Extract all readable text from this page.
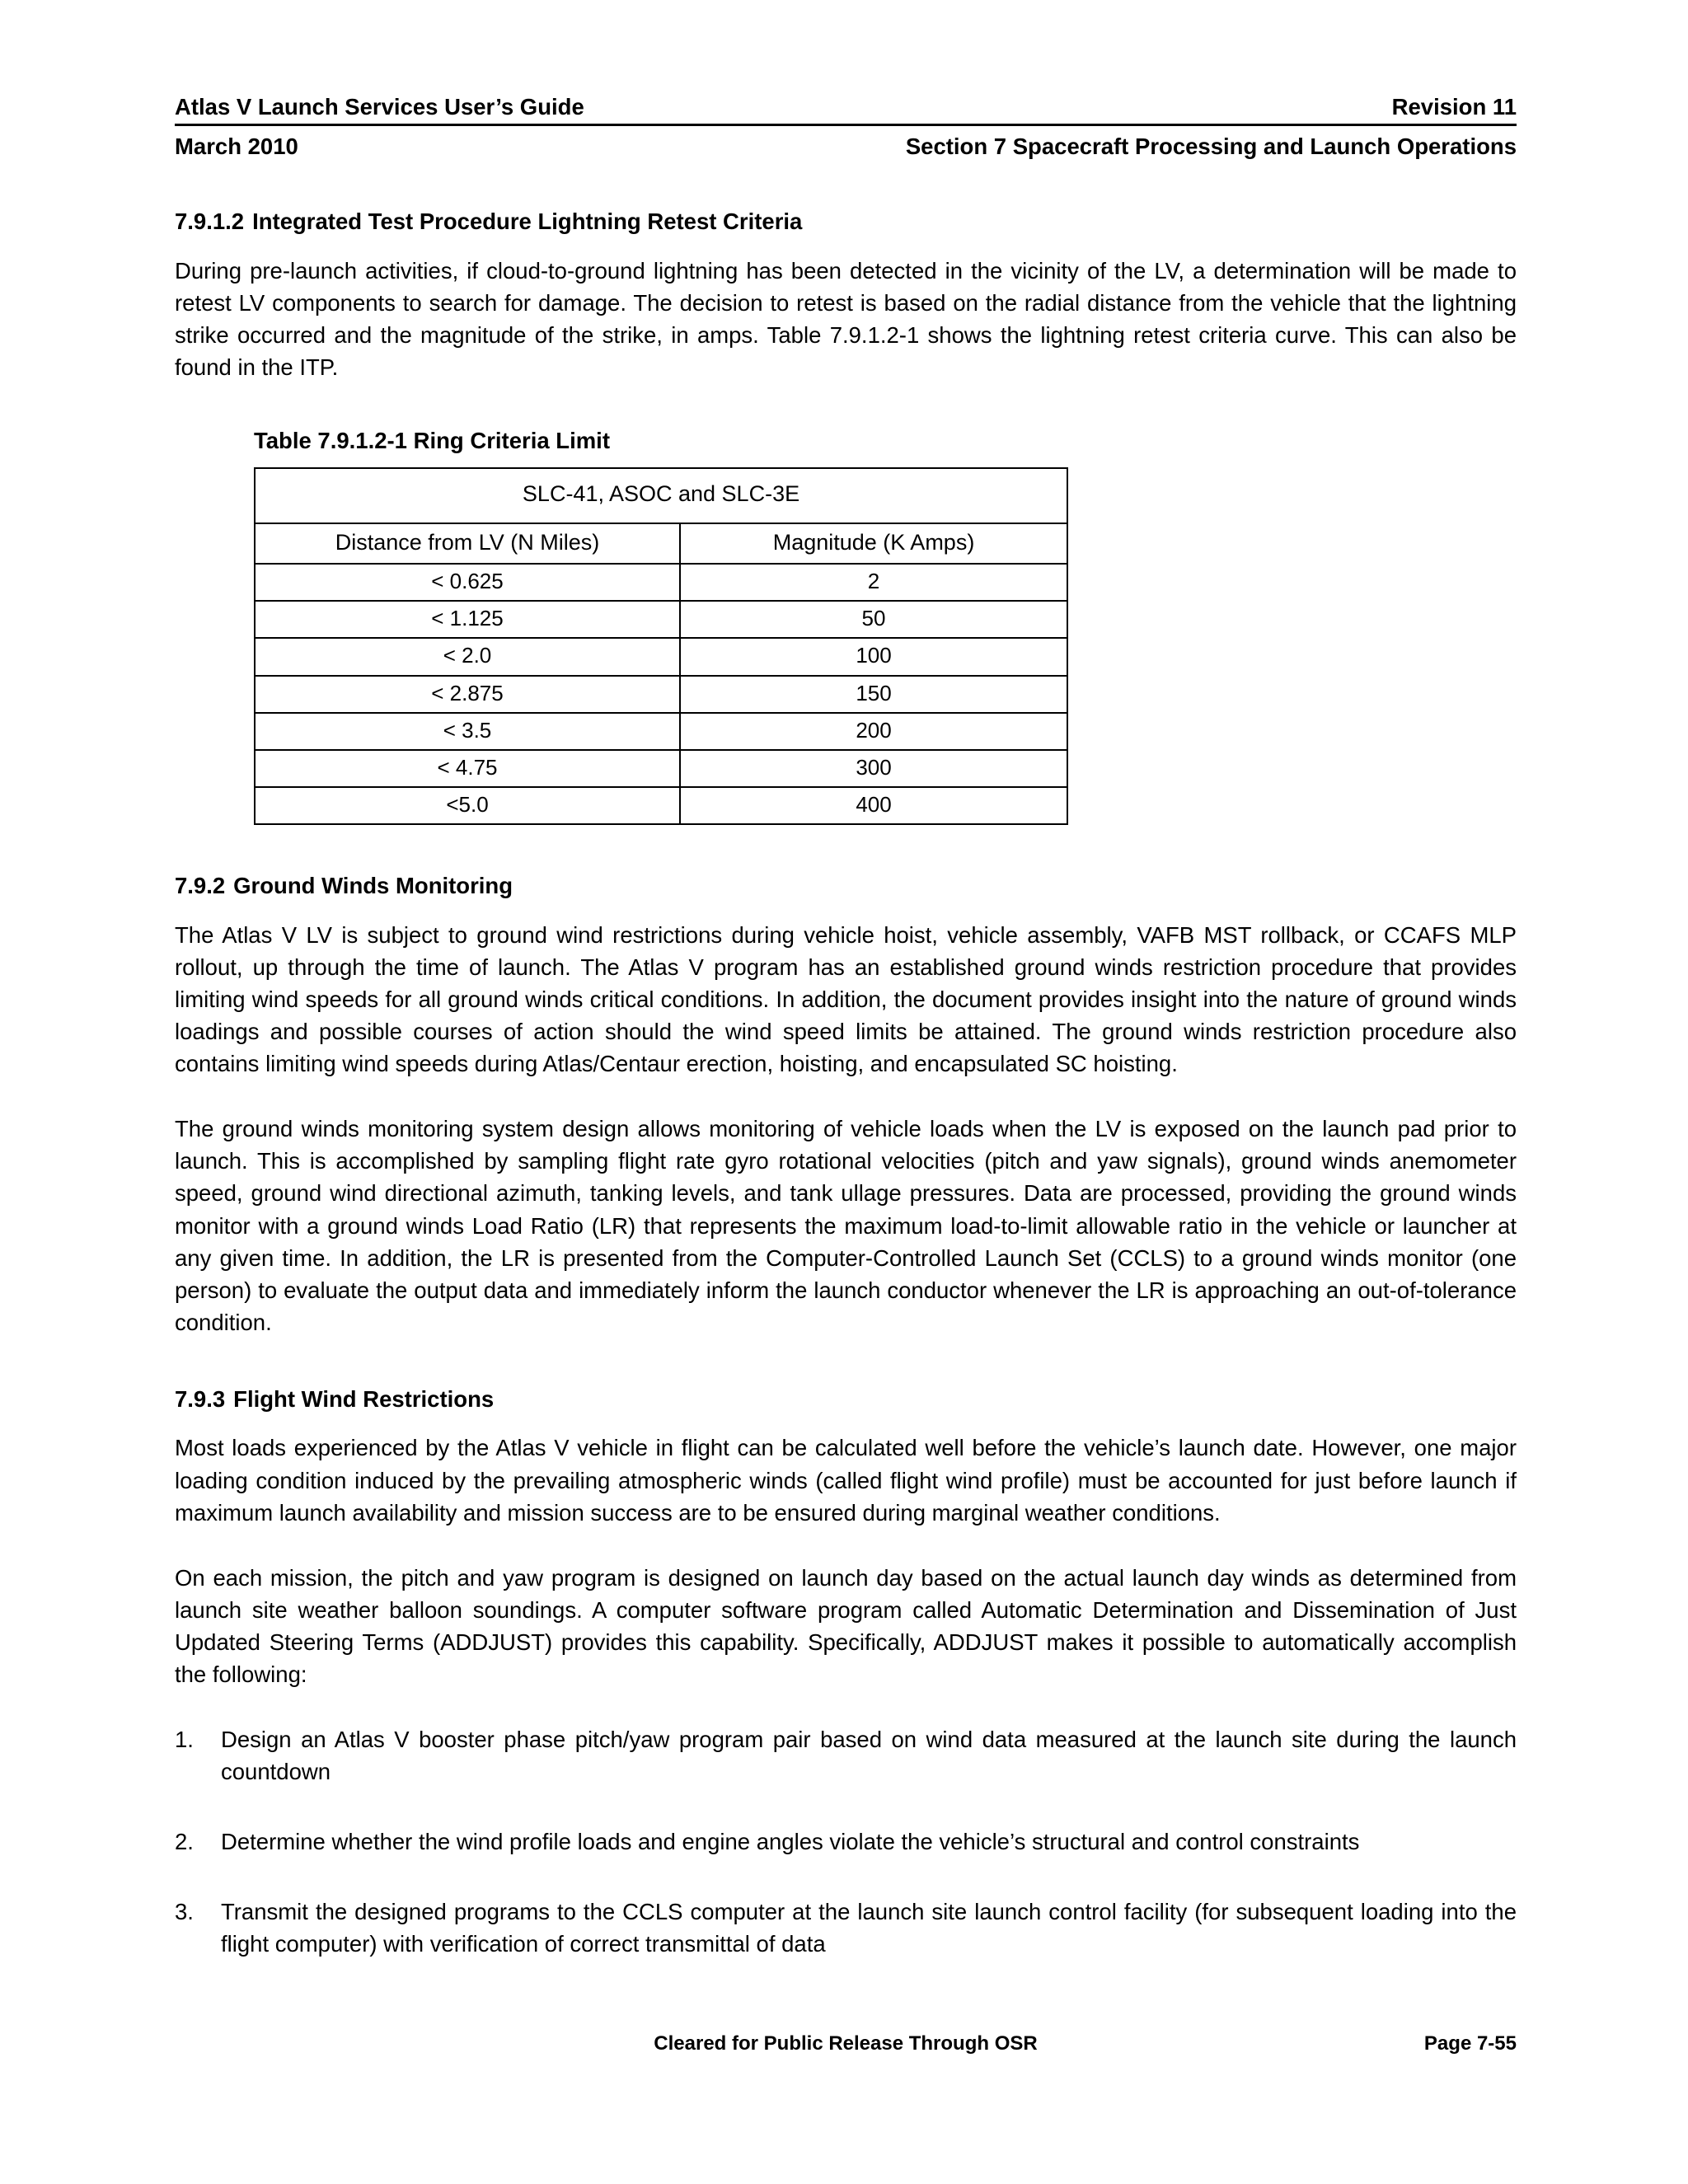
Atlas V Launch Services User’s Guide	Revision 11
March 2010	Section 7 Spacecraft Processing and Launch Operations
7.9.1.2 Integrated Test Procedure Lightning Retest Criteria

During pre-launch activities, if cloud-to-ground lightning has been detected in the vicinity of the LV, a determination will be made to retest LV components to search for damage. The decision to retest is based on the radial distance from the vehicle that the lightning strike occurred and the magnitude of the strike, in amps. Table 7.9.1.2-1 shows the lightning retest criteria curve. This can also be found in the ITP.

Table 7.9.1.2-1 Ring Criteria Limit
SLC-41, ASOC and SLC-3E	
Distance from LV (N Miles)	Magnitude (K Amps)
< 0.625	2
< 1.125	50
< 2.0	100
< 2.875	150
< 3.5	200
< 4.75	300
<5.0	400
7.9.2 Ground Winds Monitoring

The Atlas V LV is subject to ground wind restrictions during vehicle hoist, vehicle assembly, VAFB MST rollback, or CCAFS MLP rollout, up through the time of launch. The Atlas V program has an established ground winds restriction procedure that provides limiting wind speeds for all ground winds critical conditions. In addition, the document provides insight into the nature of ground winds loadings and possible courses of action should the wind speed limits be attained. The ground winds restriction procedure also contains limiting wind speeds during Atlas/Centaur erection, hoisting, and encapsulated SC hoisting.

The ground winds monitoring system design allows monitoring of vehicle loads when the LV is exposed on the launch pad prior to launch. This is accomplished by sampling flight rate gyro rotational velocities (pitch and yaw signals), ground winds anemometer speed, ground wind directional azimuth, tanking levels, and tank ullage pressures. Data are processed, providing the ground winds monitor with a ground winds Load Ratio (LR) that represents the maximum load-to-limit allowable ratio in the vehicle or launcher at any given time. In addition, the LR is presented from the Computer-Controlled Launch Set (CCLS) to a ground winds monitor (one person) to evaluate the output data and immediately inform the launch conductor whenever the LR is approaching an out-of-tolerance condition.

7.9.3 Flight Wind Restrictions

Most loads experienced by the Atlas V vehicle in flight can be calculated well before the vehicle’s launch date. However, one major loading condition induced by the prevailing atmospheric winds (called flight wind profile) must be accounted for just before launch if maximum launch availability and mission success are to be ensured during marginal weather conditions.

On each mission, the pitch and yaw program is designed on launch day based on the actual launch day winds as determined from launch site weather balloon soundings. A computer software program called Automatic Determination and Dissemination of Just Updated Steering Terms (ADDJUST) provides this capability. Specifically, ADDJUST makes it possible to automatically accomplish the following:

1.	Design an Atlas V booster phase pitch/yaw program pair based on wind data measured at the launch site during the launch countdown
2.	Determine whether the wind profile loads and engine angles violate the vehicle’s structural and control constraints
3.	Transmit the designed programs to the CCLS computer at the launch site launch control facility (for subsequent loading into the flight computer) with verification of correct transmittal of data
Cleared for Public Release Through OSR	Page 7-55
